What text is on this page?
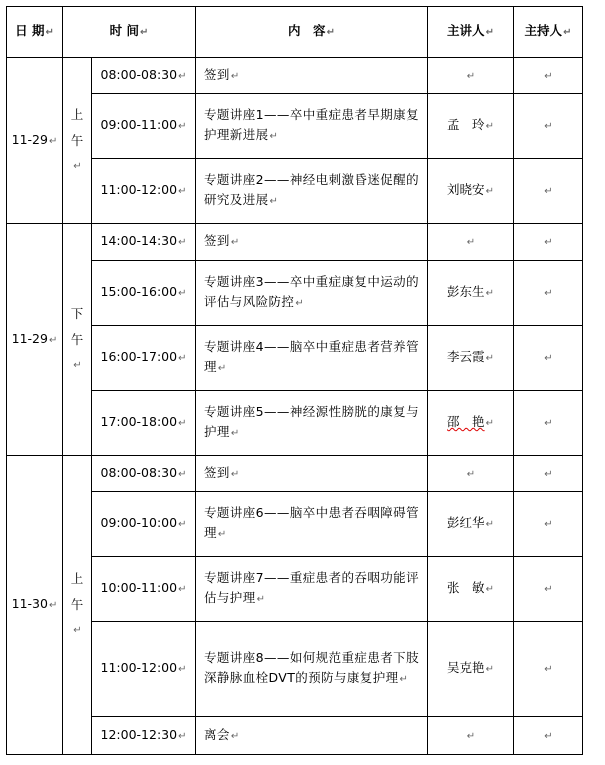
日 期↵	时 间↵		内　容↵	主讲人↵	主持人↵
11-29↵	上午↵	08:00-08:30↵	签到↵	↵	↵
		09:00-11:00↵	专题讲座1——卒中重症患者早期康复护理新进展↵	孟　玲↵	↵
		11:00-12:00↵	专题讲座2——神经电刺激昏迷促醒的研究及进展↵	刘晓安↵	↵
11-29↵	下午↵	14:00-14:30↵	签到↵	↵	↵
		15:00-16:00↵	专题讲座3——卒中重症康复中运动的评估与风险防控↵	彭东生↵	↵
		16:00-17:00↵	专题讲座4——脑卒中重症患者营养管理↵	李云霞↵	↵
		17:00-18:00↵	专题讲座5——神经源性膀胱的康复与护理↵	邵　艳↵	↵
11-30↵	上午↵	08:00-08:30↵	签到↵	↵	↵
		09:00-10:00↵	专题讲座6——脑卒中患者吞咽障碍管理↵	彭红华↵	↵
		10:00-11:00↵	专题讲座7——重症患者的吞咽功能评估与护理↵	张　敏↵	↵
		11:00-12:00↵	专题讲座8——如何规范重症患者下肢深静脉血栓DVT的预防与康复护理↵	吴克艳↵	↵
		12:00-12:30↵	离会↵	↵	↵
